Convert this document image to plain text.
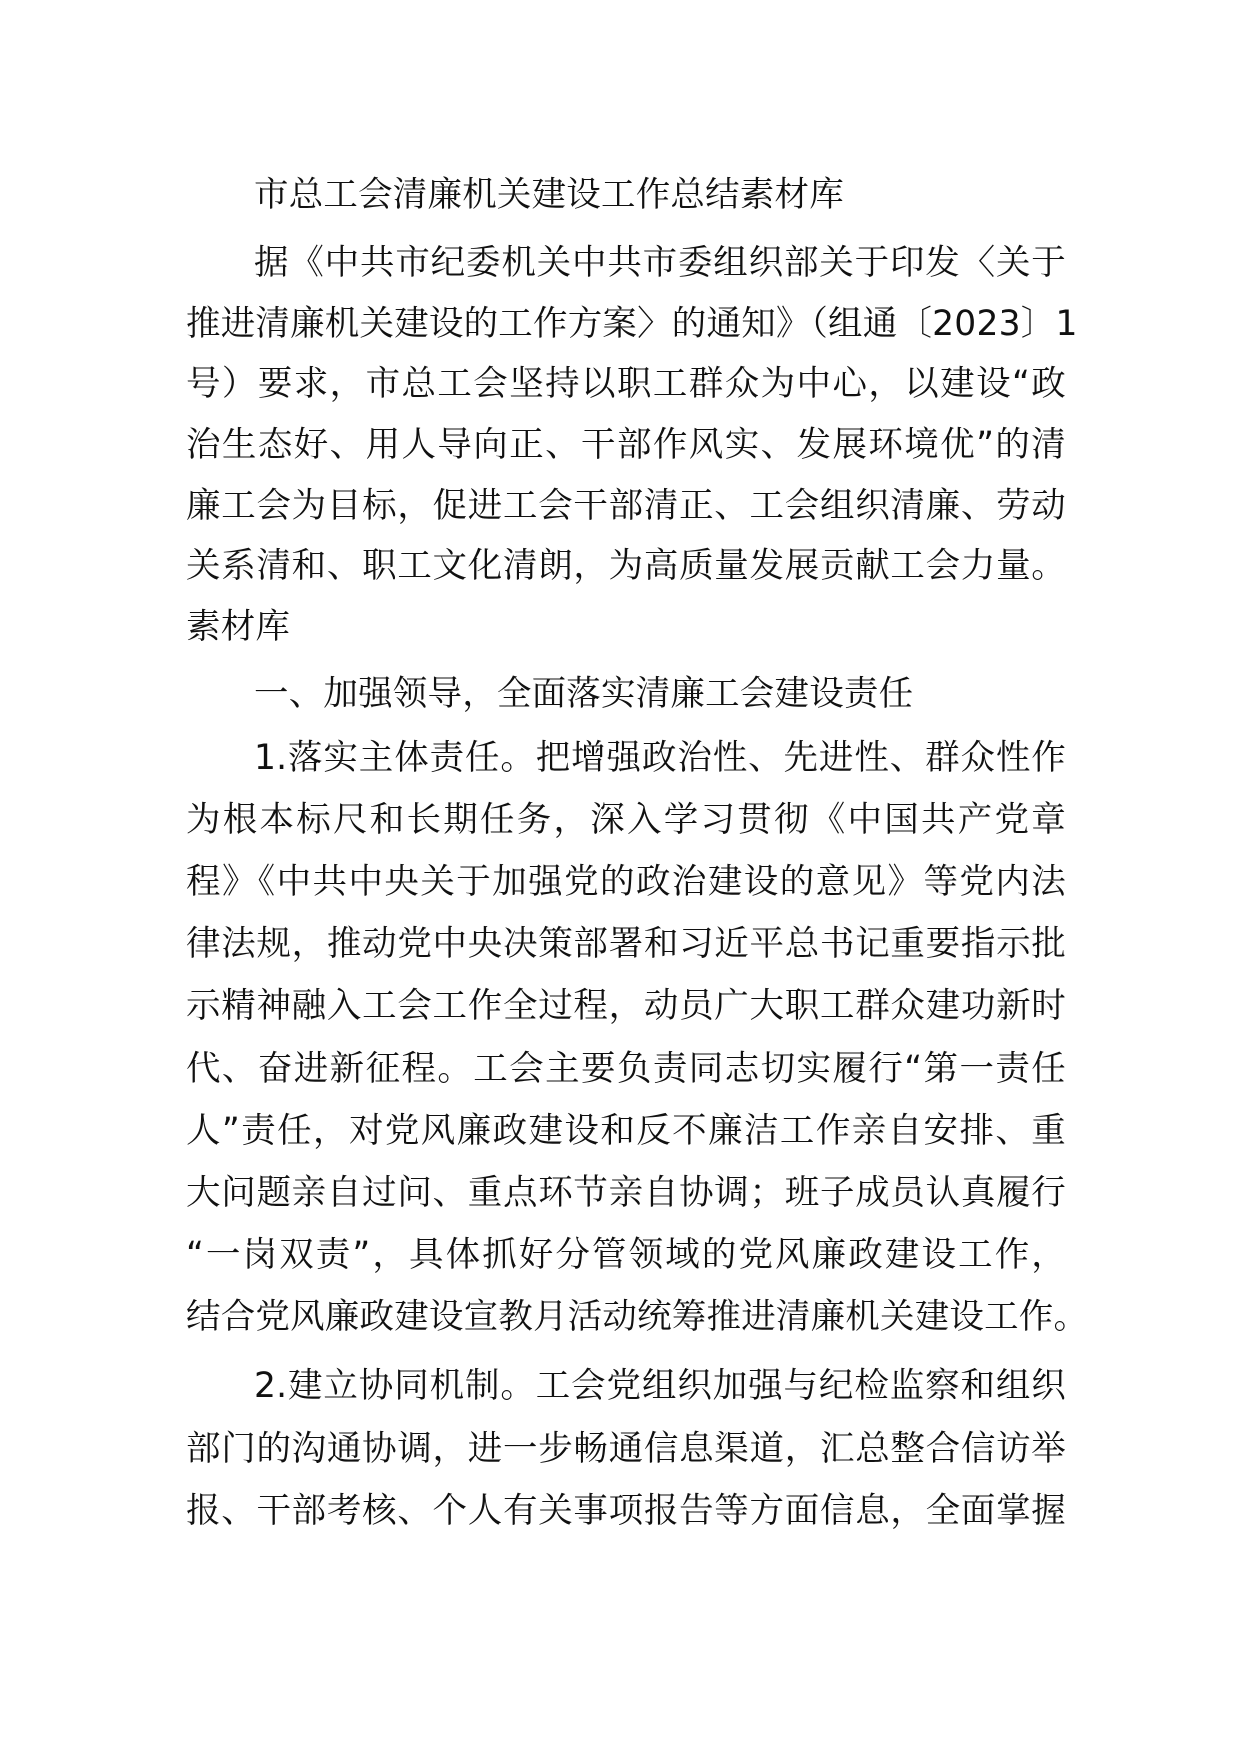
市总工会清廉机关建设工作总结素材库
据《中共市纪委机关中共市委组织部关于印发〈关于
推进清廉机关建设的工作方案〉的通知》（组通〔2023〕1
号）要求，市总工会坚持以职工群众为中心，以建设“政
治生态好、用人导向正、干部作风实、发展环境优”的清
廉工会为目标，促进工会干部清正、工会组织清廉、劳动
关系清和、职工文化清朗，为高质量发展贡献工会力量。
素材库
一、加强领导，全面落实清廉工会建设责任
1.落实主体责任。把增强政治性、先进性、群众性作
为根本标尺和长期任务，深入学习贯彻《中国共产党章
程》《中共中央关于加强党的政治建设的意见》等党内法
律法规，推动党中央决策部署和习近平总书记重要指示批
示精神融入工会工作全过程，动员广大职工群众建功新时
代、奋进新征程。工会主要负责同志切实履行“第一责任
人”责任，对党风廉政建设和反不廉洁工作亲自安排、重
大问题亲自过问、重点环节亲自协调；班子成员认真履行
“一岗双责”，具体抓好分管领域的党风廉政建设工作，
结合党风廉政建设宣教月活动统筹推进清廉机关建设工作。
2.建立协同机制。工会党组织加强与纪检监察和组织
部门的沟通协调，进一步畅通信息渠道，汇总整合信访举
报、干部考核、个人有关事项报告等方面信息，全面掌握
